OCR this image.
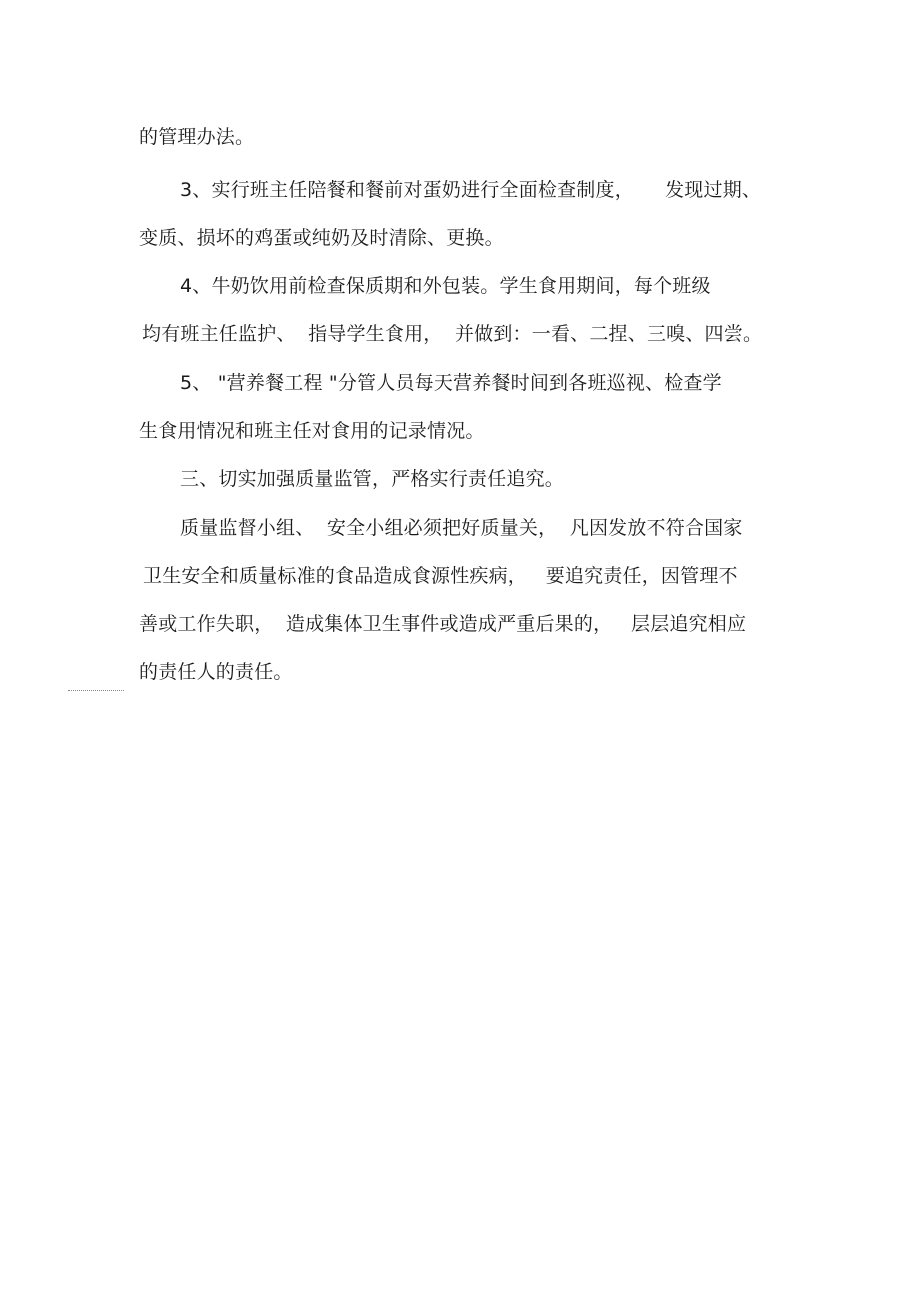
的管理办法。
3、实行班主任陪餐和餐前对蛋奶进行全面检查制度，     发现过期、
变质、损坏的鸡蛋或纯奶及时清除、更换。
4、牛奶饮用前检查保质期和外包装。学生食用期间，每个班级
均有班主任监护、  指导学生食用，  并做到：一看、二捏、三嗅、四尝。
5、 "营养餐工程 "分管人员每天营养餐时间到各班巡视、检查学
生食用情况和班主任对食用的记录情况。
三、切实加强质量监管，严格实行责任追究。
质量监督小组、  安全小组必须把好质量关，  凡因发放不符合国家
卫生安全和质量标准的食品造成食源性疾病，   要追究责任，因管理不
善或工作失职，  造成集体卫生事件或造成严重后果的，   层层追究相应
的责任人的责任。
